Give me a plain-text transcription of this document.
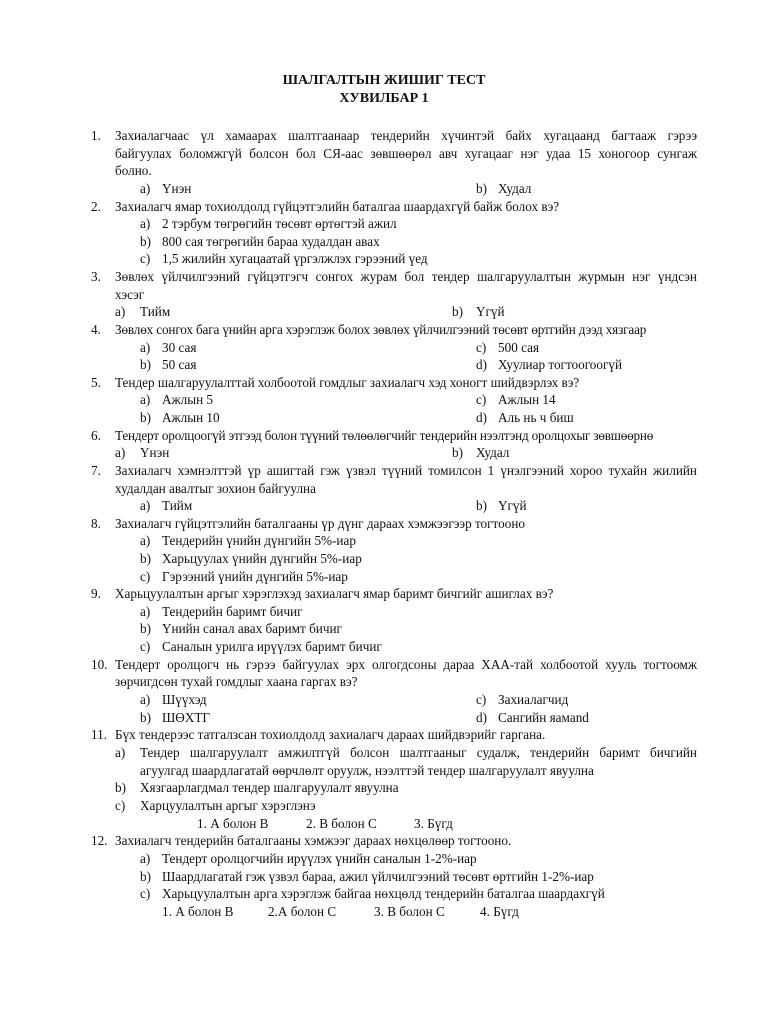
ШАЛГАЛТЫН ЖИШИГ ТЕСТ
ХУВИЛБАР 1
1. Захиалагчаас үл хамаарах шалтгаанаар тендерийн хүчинтэй байх хугацаанд багтааж гэрээ
байгуулах боломжгүй болсон бол СЯ-аас зөвшөөрөл авч хугацааг нэг удаа 15 хоногоор сунгаж
болно.
a) Үнэн	b) Худал
2. Захиалагч ямар тохиолдолд гүйцэтгэлийн баталгаа шаардахгүй байж болох вэ?
a) 2 тэрбум төгрөгийн төсөвт өртөгтэй ажил
b) 800 сая төгрөгийн бараа худалдан авах
c) 1,5 жилийн хугацаатай үргэлжлэх гэрээний үед
3. Зөвлөх үйлчилгээний гүйцэтгэгч сонгох журам бол тендер шалгаруулалтын журмын нэг үндсэн
хэсэг
a) Тийм	b) Үгүй
4. Зөвлөх сонгох бага үнийн арга хэрэглэж болох зөвлөх үйлчилгээний төсөвт өртгийн дээд хязгаар
a) 30 сая	c) 500 сая
b) 50 сая	d) Хуулиар тогтоогоогүй
5. Тендер шалгаруулалттай холбоотой гомдлыг захиалагч хэд хоногт шийдвэрлэх вэ?
a) Ажлын 5	c) Ажлын 14
b) Ажлын 10	d) Аль нь ч биш
6. Тендерт оролцоогүй этгээд болон түүний төлөөлөгчийг тендерийн нээлтэнд оролцохыг зөвшөөрнө
a) Үнэн	b) Худал
7. Захиалагч хэмнэлттэй үр ашигтай гэж үзвэл түүний томилсон 1 үнэлгээний хороо тухайн жилийн
худалдан авалтыг зохион байгуулна
a) Тийм	b) Үгүй
8. Захиалагч гүйцэтгэлийн баталгааны үр дүнг дараах хэмжээгээр тогтооно
a) Тендерийн үнийн дүнгийн 5%-иар
b) Харьцуулах үнийн дүнгийн 5%-иар
c) Гэрээний үнийн дүнгийн 5%-иар
9. Харьцуулалтын аргыг хэрэглэхэд захиалагч ямар баримт бичгийг ашиглах вэ?
a) Тендерийн баримт бичиг
b) Үнийн санал авах баримт бичиг
c) Саналын урилга ирүүлэх баримт бичиг
10. Тендерт оролцогч нь гэрээ байгуулах эрх олгогдсоны дараа ХАА-тай холбоотой хууль тогтоомж
зөрчигдсөн тухай гомдлыг хаана гаргах вэ?
a) Шүүхэд	c) Захиалагчид
b) ШӨХТГ	d) Сангийн яамand
11. Бүх тендерээс татгалзсан тохиолдолд захиалагч дараах шийдвэрийг гаргана.
a) Тендер шалгаруулалт амжилтгүй болсон шалтгааныг судалж, тендерийн баримт бичгийн
агуулгад шаардлагатай өөрчлөлт оруулж, нээлттэй тендер шалгаруулалт явуулна
b) Хязгаарлагдмал тендер шалгаруулалт явуулна
c) Харцуулалтын аргыг хэрэглэнэ
1. А болон В	2. В болон С	3. Бүгд
12. Захиалагч тендерийн баталгааны хэмжээг дараах нөхцөлөөр тогтооно.
a) Тендерт оролцогчийн ирүүлэх үнийн саналын 1-2%-иар
b) Шаардлагатай гэж үзвэл бараа, ажил үйлчилгээний төсөвт өртгийн 1-2%-иар
c) Харьцуулалтын арга хэрэглэж байгаа нөхцөлд тендерийн баталгаа шаардахгүй
1. А болон В	2.А болон С	3. В болон С	4. Бүгд
